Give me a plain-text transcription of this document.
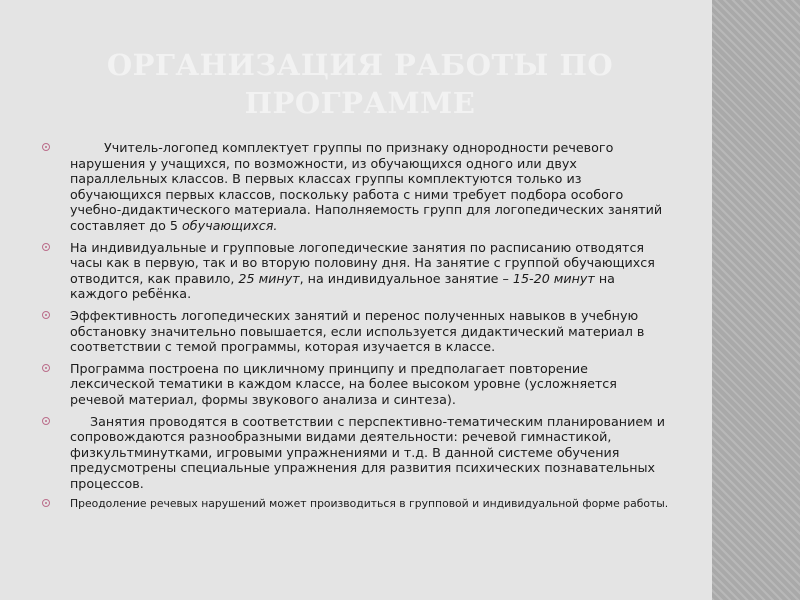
ОРГАНИЗАЦИЯ РАБОТЫ ПО ПРОГРАММЕ
Учитель-логопед комплектует группы по признаку однородности речевого нарушения у учащихся, по возможности, из обучающихся одного или двух параллельных классов. В первых классах группы комплектуются только из обучающихся первых классов, поскольку работа с ними требует подбора особого учебно-дидактического материала. Наполняемость групп для логопедических занятий составляет до 5 обучающихся.
На индивидуальные и групповые логопедические занятия по расписанию отводятся часы как в первую, так и во вторую половину дня. На занятие с группой обучающихся отводится, как правило, 25 минут, на индивидуальное занятие – 15-20 минут на каждого ребёнка.
Эффективность логопедических занятий и перенос полученных навыков в учебную обстановку значительно повышается, если используется дидактический материал в соответствии с темой программы, которая изучается в классе.
Программа построена по цикличному принципу и предполагает повторение лексической тематики в каждом классе, на более высоком уровне (усложняется речевой материал, формы звукового анализа и синтеза).
Занятия проводятся в соответствии с перспективно-тематическим планированием и сопровождаются разнообразными видами деятельности: речевой гимнастикой, физкультминутками, игровыми упражнениями и т.д. В данной системе обучения предусмотрены специальные упражнения для развития психических познавательных процессов.
Преодоление речевых нарушений может производиться в групповой и индивидуальной форме работы.
